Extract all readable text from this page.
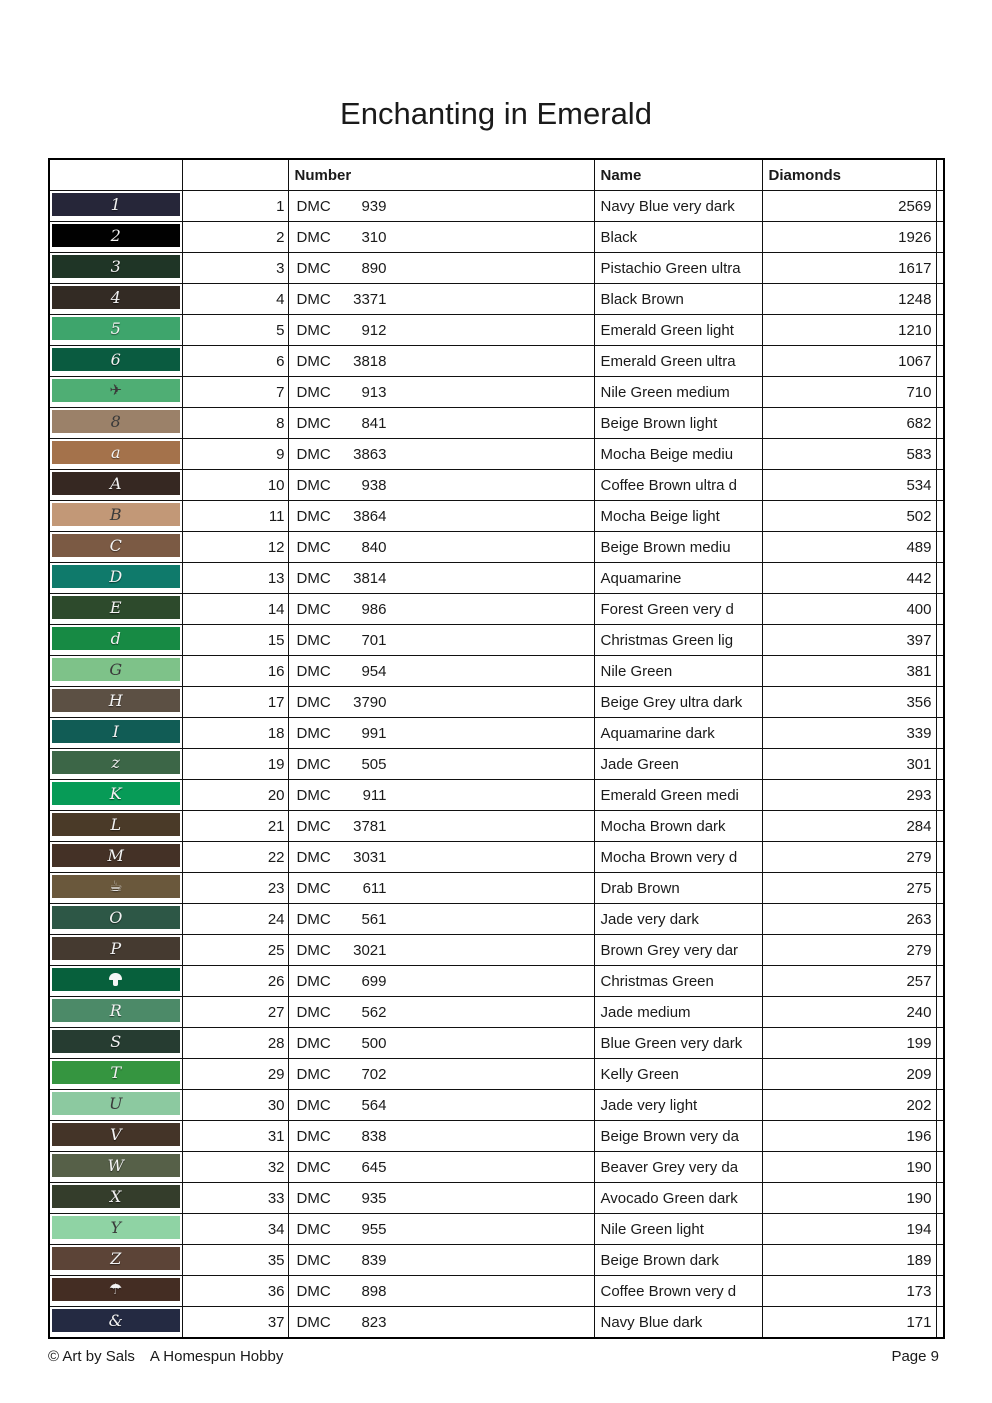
Enchanting in Emerald
		Number	Name	Diamonds	

1	1	DMC 939	Navy Blue very dark	2569	

2	2	DMC 310	Black	1926	

3	3	DMC 890	Pistachio Green ultra	1617	

4	4	DMC 3371	Black Brown	1248	

5	5	DMC 912	Emerald Green light	1210	

6	6	DMC 3818	Emerald Green ultra	1067	

✈	7	DMC 913	Nile Green medium	710	

8	8	DMC 841	Beige Brown light	682	

a	9	DMC 3863	Mocha Beige mediu	583	

A	10	DMC 938	Coffee Brown ultra d	534	

B	11	DMC 3864	Mocha Beige light	502	

C	12	DMC 840	Beige Brown mediu	489	

D	13	DMC 3814	Aquamarine	442	

E	14	DMC 986	Forest Green very d	400	

d	15	DMC 701	Christmas Green lig	397	

G	16	DMC 954	Nile Green	381	

H	17	DMC 3790	Beige Grey ultra dark	356	

I	18	DMC 991	Aquamarine dark	339	

z	19	DMC 505	Jade Green	301	

K	20	DMC 911	Emerald Green medi	293	

L	21	DMC 3781	Mocha Brown dark	284	

M	22	DMC 3031	Mocha Brown very d	279	

☕	23	DMC 611	Drab Brown	275	

O	24	DMC 561	Jade very dark	263	

P	25	DMC 3021	Brown Grey very dar	279	

	26	DMC 699	Christmas Green	257	

R	27	DMC 562	Jade medium	240	

S	28	DMC 500	Blue Green very dark	199	

T	29	DMC 702	Kelly Green	209	

U	30	DMC 564	Jade very light	202	

V	31	DMC 838	Beige Brown very da	196	

W	32	DMC 645	Beaver Grey very da	190	

X	33	DMC 935	Avocado Green dark	190	

Y	34	DMC 955	Nile Green light	194	

Z	35	DMC 839	Beige Brown dark	189	

☂	36	DMC 898	Coffee Brown very d	173	

&	37	DMC 823	Navy Blue dark	171	
© Art by Sals A Homespun Hobby	Page 9
